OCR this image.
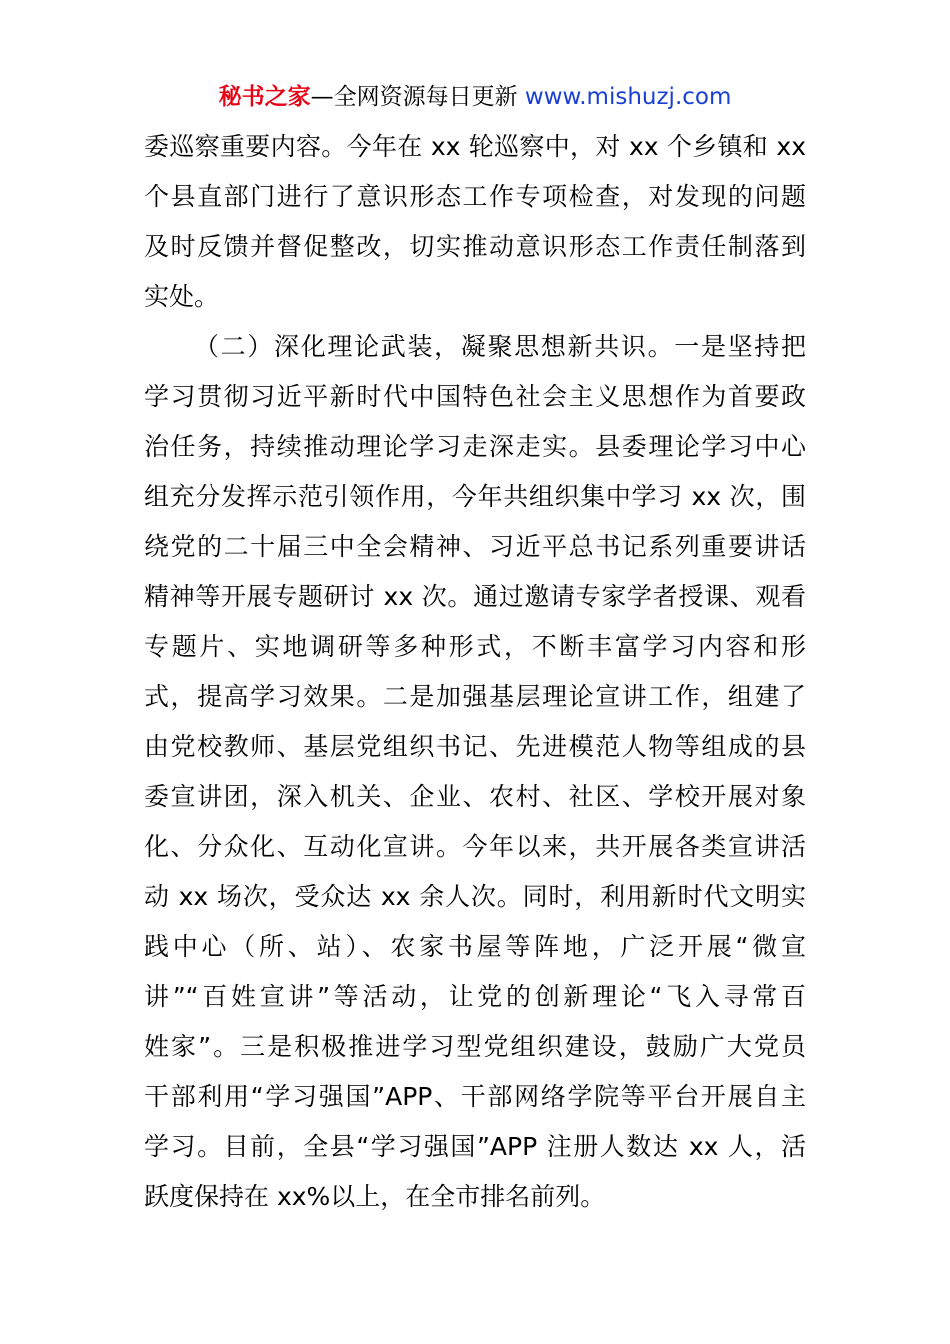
秘书之家—全网资源每日更新 www.mishuzj.com
委巡察重要内容。今年在 xx 轮巡察中，对 xx 个乡镇和 xx
个县直部门进行了意识形态工作专项检查，对发现的问题
及时反馈并督促整改，切实推动意识形态工作责任制落到
实处。
（二）深化理论武装，凝聚思想新共识。一是坚持把
学习贯彻习近平新时代中国特色社会主义思想作为首要政
治任务，持续推动理论学习走深走实。县委理论学习中心
组充分发挥示范引领作用，今年共组织集中学习 xx 次，围
绕党的二十届三中全会精神、习近平总书记系列重要讲话
精神等开展专题研讨 xx 次。通过邀请专家学者授课、观看
专题片、实地调研等多种形式，不断丰富学习内容和形
式，提高学习效果。二是加强基层理论宣讲工作，组建了
由党校教师、基层党组织书记、先进模范人物等组成的县
委宣讲团，深入机关、企业、农村、社区、学校开展对象
化、分众化、互动化宣讲。今年以来，共开展各类宣讲活
动 xx 场次，受众达 xx 余人次。同时，利用新时代文明实
践中心（所、站）、农家书屋等阵地，广泛开展“微宣
讲”“百姓宣讲”等活动，让党的创新理论“飞入寻常百
姓家”。三是积极推进学习型党组织建设，鼓励广大党员
干部利用“学习强国”APP、干部网络学院等平台开展自主
学习。目前，全县“学习强国”APP 注册人数达 xx 人，活
跃度保持在 xx%以上，在全市排名前列。
